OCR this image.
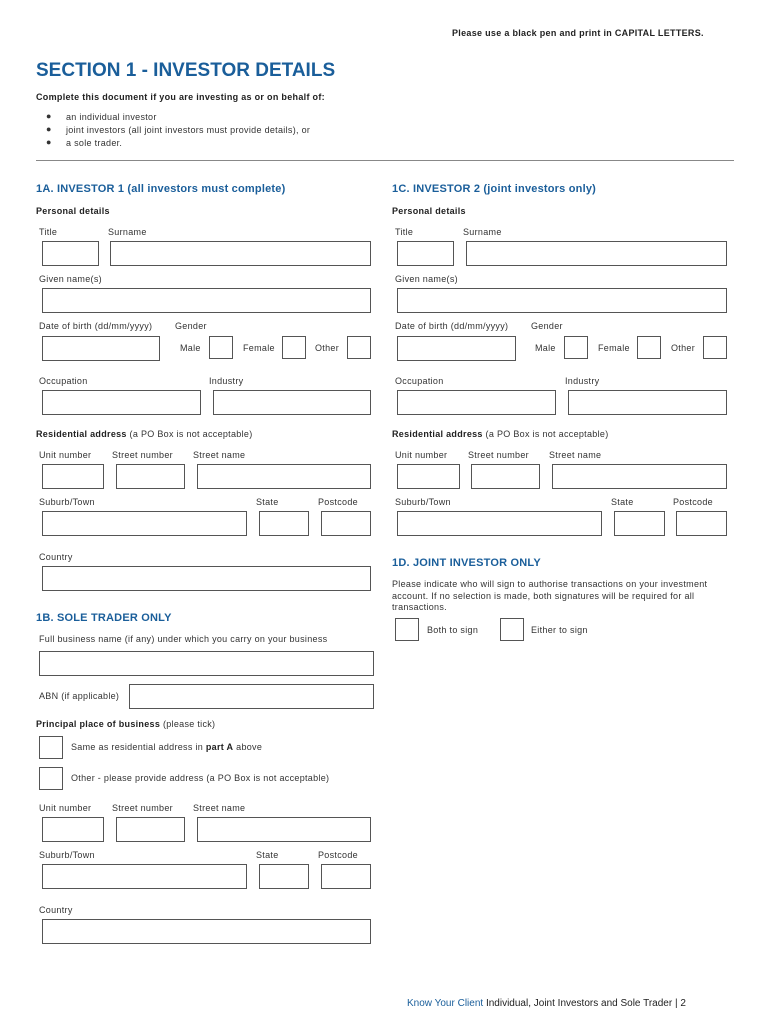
Please use a black pen and print in CAPITAL LETTERS.
SECTION 1 - INVESTOR DETAILS
Complete this document if you are investing as or on behalf of:
● an individual investor
● joint investors (all joint investors must provide details), or
● a sole trader.
1A. INVESTOR 1 (all investors must complete)
Personal details
Title	Surname
Given name(s)
Date of birth (dd/mm/yyyy)	Gender
Male	Female	Other
Occupation	Industry
Residential address (a PO Box is not acceptable)
Unit number Street number Street name
Suburb/Town	State	Postcode
Country
1B. SOLE TRADER ONLY
Full business name (if any) under which you carry on your business
ABN (if applicable)
Principal place of business (please tick)
Same as residential address in part A above
Other - please provide address (a PO Box is not acceptable)
Unit number Street number Street name
Suburb/Town	State	Postcode
Country
1C. INVESTOR 2 (joint investors only)
Personal details
Title	Surname
Given name(s)
Date of birth (dd/mm/yyyy)	Gender
Male	Female	Other
Occupation	Industry
Residential address (a PO Box is not acceptable)
Unit number Street number Street name
Suburb/Town	State	Postcode
1D. JOINT INVESTOR ONLY
Please indicate who will sign to authorise transactions on your investment
account. If no selection is made, both signatures will be required for all
transactions.
Both to sign	Either to sign
Know Your Client Individual, Joint Investors and Sole Trader | 2
